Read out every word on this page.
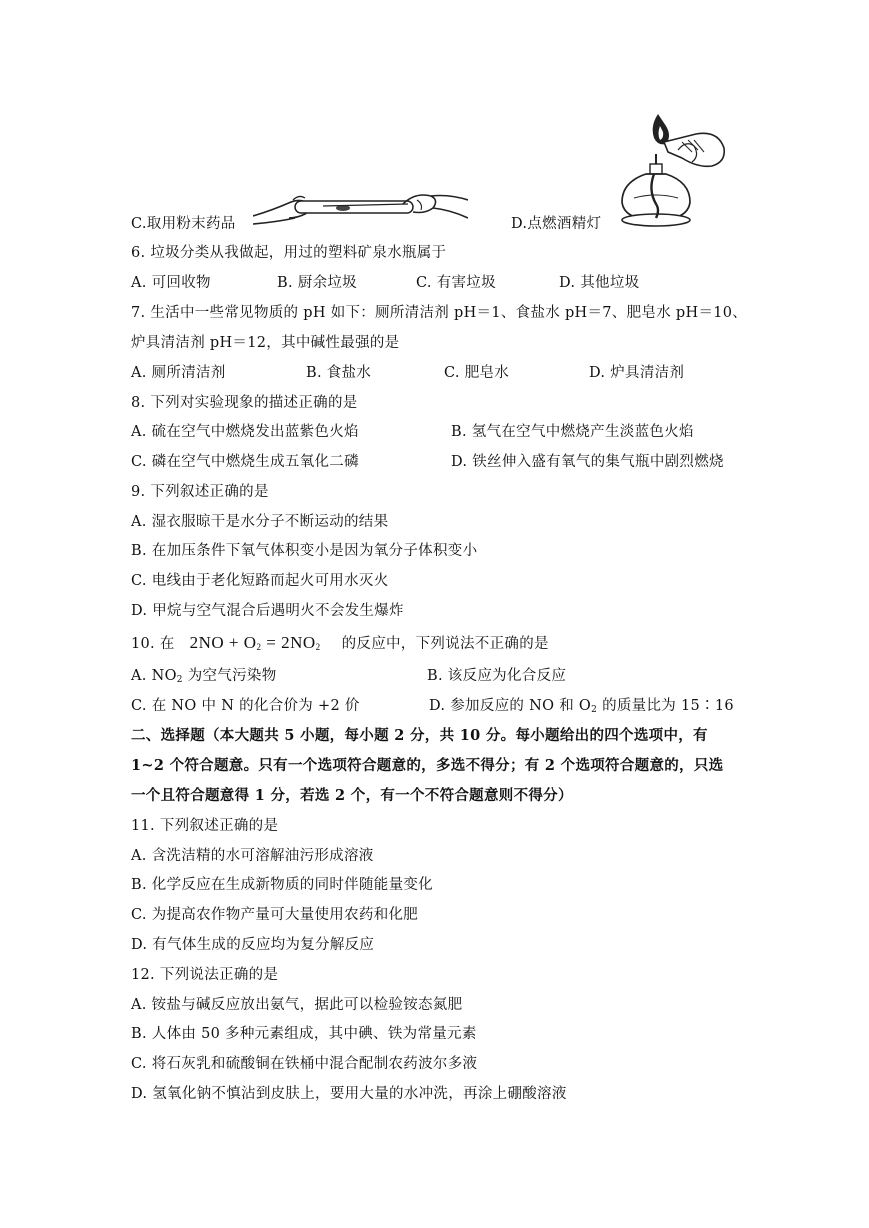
C.取用粉末药品	D.点燃酒精灯
6. 垃圾分类从我做起，用过的塑料矿泉水瓶属于
A. 可回收物	B. 厨余垃圾	C. 有害垃圾	D. 其他垃圾
7. 生活中一些常见物质的 pH 如下：厕所清洁剂 pH＝1、食盐水 pH＝7、肥皂水 pH＝10、
炉具清洁剂 pH＝12，其中碱性最强的是
A. 厕所清洁剂	B. 食盐水	C. 肥皂水	D. 炉具清洁剂
8. 下列对实验现象的描述正确的是
A. 硫在空气中燃烧发出蓝紫色火焰	B. 氢气在空气中燃烧产生淡蓝色火焰
C. 磷在空气中燃烧生成五氧化二磷	D. 铁丝伸入盛有氧气的集气瓶中剧烈燃烧
9. 下列叙述正确的是
A. 湿衣服晾干是水分子不断运动的结果
B. 在加压条件下氧气体积变小是因为氧分子体积变小
C. 电线由于老化短路而起火可用水灭火
D. 甲烷与空气混合后遇明火不会发生爆炸
10. 在 $2NO + O_2 = 2NO_2$ 的反应中，下列说法不正确的是
A. $NO_2$ 为空气污染物	B. 该反应为化合反应
C. 在 NO 中 N 的化合价为 +2 价	D. 参加反应的 NO 和 $O_2$ 的质量比为 15∶16
二、选择题（本大题共 5 小题，每小题 2 分，共 10 分。每小题给出的四个选项中，有
1~2 个符合题意。只有一个选项符合题意的，多选不得分；有 2 个选项符合题意的，只选
一个且符合题意得 1 分，若选 2 个，有一个不符合题意则不得分）
11. 下列叙述正确的是
A. 含洗洁精的水可溶解油污形成溶液
B. 化学反应在生成新物质的同时伴随能量变化
C. 为提高农作物产量可大量使用农药和化肥
D. 有气体生成的反应均为复分解反应
12. 下列说法正确的是
A. 铵盐与碱反应放出氨气，据此可以检验铵态氮肥
B. 人体由 50 多种元素组成，其中碘、铁为常量元素
C. 将石灰乳和硫酸铜在铁桶中混合配制农药波尔多液
D. 氢氧化钠不慎沾到皮肤上，要用大量的水冲洗，再涂上硼酸溶液
